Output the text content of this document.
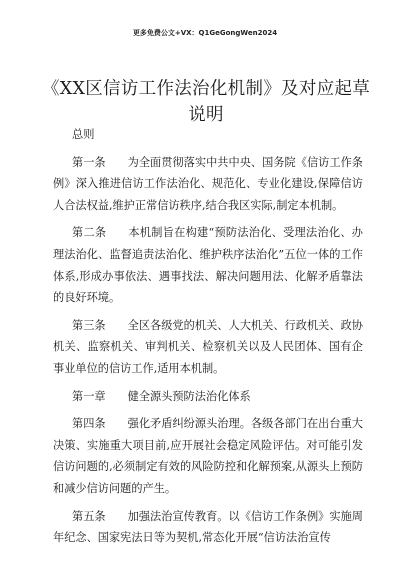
更多免费公文+VX：Q1GeGongWen2024
《XX区信访工作法治化机制》及对应起草说明

总则

第一条 为全面贯彻落实中共中央、国务院《信访工作条例》深入推进信访工作法治化、规范化、专业化建设,保障信访人合法权益,维护正常信访秩序,结合我区实际,制定本机制。

第二条 本机制旨在构建“预防法治化、受理法治化、办理法治化、监督追责法治化、维护秩序法治化”五位一体的工作体系,形成办事依法、遇事找法、解决问题用法、化解矛盾靠法的良好环境。

第三条 全区各级党的机关、人大机关、行政机关、政协机关、监察机关、审判机关、检察机关以及人民团体、国有企事业单位的信访工作,适用本机制。

第一章 健全源头预防法治化体系

第四条 强化矛盾纠纷源头治理。各级各部门在出台重大决策、实施重大项目前,应开展社会稳定风险评估。对可能引发信访问题的,必须制定有效的风险防控和化解预案,从源头上预防和减少信访问题的产生。

第五条 加强法治宣传教育。以《信访工作条例》实施周年纪念、国家宪法日等为契机,常态化开展“信访法治宣传
